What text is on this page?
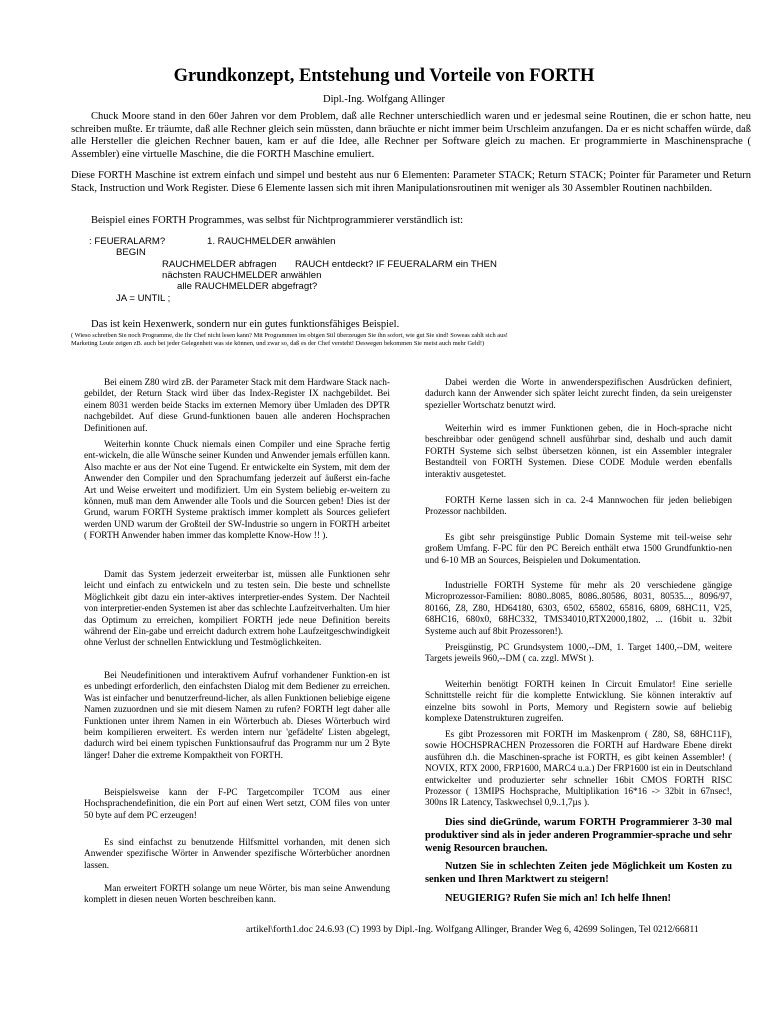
Grundkonzept, Entstehung und Vorteile von FORTH
Dipl.-Ing. Wolfgang Allinger

Chuck Moore stand in den 60er Jahren vor dem Problem, daß alle Rechner unterschiedlich waren und er jedesmal seine Routinen, die er schon hatte, neu schreiben mußte. Er träumte, daß alle Rechner gleich sein müssten, dann bräuchte er nicht immer beim Urschleim anzufangen. Da er es nicht schaffen würde, daß alle Hersteller die gleichen Rechner bauen, kam er auf die Idee, alle Rechner per Software gleich zu machen. Er programmierte in Maschinensprache ( Assembler) eine virtuelle Maschine, die die FORTH Maschine emuliert.

Diese FORTH Maschine ist extrem einfach und simpel und besteht aus nur 6 Elementen: Parameter STACK; Return STACK; Pointer für Parameter und Return Stack, Instruction und Work Register. Diese 6 Elemente lassen sich mit ihren Manipulationsroutinen mit weniger als 30 Assembler Routinen nachbilden.

Beispiel eines FORTH Programmes, was selbst für Nichtprogrammierer verständlich ist:

: FEUERALARM?	1. RAUCHMELDER anwählen
BEGIN
RAUCHMELDER abfragen RAUCH entdeckt? IF FEUERALARM ein THEN
nächsten RAUCHMELDER anwählen
alle RAUCHMELDER abgefragt?
JA = UNTIL ;

Das ist kein Hexenwerk, sondern nur ein gutes funktionsfähiges Beispiel.

( Wieso schreiben Sie noch Programme, die Ihr Chef nicht lesen kann? Mit Programmen im obigen Stil überzeugen Sie ihn sofort, wie gut Sie sind! Soweas zahlt sich aus!
Marketing Leute zeigen zB. auch bei jeder Gelegenheit was sie können, und zwar so, daß es der Chef versteht! Deswegen bekommen Sie meist auch mehr Geld!)

Bei einem Z80 wird zB. der Parameter Stack mit dem Hardware Stack nach-gebildet, der Return Stack wird über das Index-Register IX nachgebildet. Bei einem 8031 werden beide Stacks im externen Memory über Umladen des DPTR nachgebildet. Auf diese Grund-funktionen bauen alle anderen Hochsprachen Definitionen auf.

Weiterhin konnte Chuck niemals einen Compiler und eine Sprache fertig ent-wickeln, die alle Wünsche seiner Kunden und Anwender jemals erfüllen kann. Also machte er aus der Not eine Tugend. Er entwickelte ein System, mit dem der Anwender den Compiler und den Sprachumfang jederzeit auf äußerst ein-fache Art und Weise erweitert und modifiziert. Um ein System beliebig er-weitern zu können, muß man dem Anwender alle Tools und die Sourcen geben! Dies ist der Grund, warum FORTH Systeme praktisch immer komplett als Sources geliefert werden UND warum der Großteil der SW-Industrie so ungern in FORTH arbeitet ( FORTH Anwender haben immer das komplette Know-How !! ).

Damit das System jederzeit erweiterbar ist, müssen alle Funktionen sehr leicht und einfach zu entwickeln und zu testen sein. Die beste und schnellste Möglichkeit gibt dazu ein inter-aktives interpretier-endes System. Der Nachteil von interpretier-enden Systemen ist aber das schlechte Laufzeitverhalten. Um hier das Optimum zu erreichen, kompiliert FORTH jede neue Definition bereits während der Ein-gabe und erreicht dadurch extrem hohe Laufzeitgeschwindigkeit ohne Verlust der schnellen Entwicklung und Testmöglichkeiten.

Bei Neudefinitionen und interaktivem Aufruf vorhandener Funktion-en ist es unbedingt erforderlich, den einfachsten Dialog mit dem Bediener zu erreichen. Was ist einfacher und benutzerfreund-licher, als allen Funktionen beliebige eigene Namen zuzuordnen und sie mit diesem Namen zu rufen? FORTH legt daher alle Funktionen unter ihrem Namen in ein Wörterbuch ab. Dieses Wörterbuch wird beim kompilieren erweitert. Es werden intern nur 'gefädelte' Listen abgelegt, dadurch wird bei einem typischen Funktionsaufruf das Programm nur um 2 Byte länger! Daher die extreme Kompaktheit von FORTH.

Beispielsweise kann der F-PC Targetcompiler TCOM aus einer Hochsprachendefinition, die ein Port auf einen Wert setzt, COM files von unter 50 byte auf dem PC erzeugen!

Es sind einfachst zu benutzende Hilfsmittel vorhanden, mit denen sich Anwender spezifische Wörter in Anwender spezifische Wörterbücher anordnen lassen.

Man erweitert FORTH solange um neue Wörter, bis man seine Anwendung komplett in diesen neuen Worten beschreiben kann.

Dabei werden die Worte in anwenderspezifischen Ausdrücken definiert, dadurch kann der Anwender sich später leicht zurecht finden, da sein ureigenster spezieller Wortschatz benutzt wird.

Weiterhin wird es immer Funktionen geben, die in Hoch-sprache nicht beschreibbar oder genügend schnell ausführbar sind, deshalb und auch damit FORTH Systeme sich selbst übersetzen können, ist ein Assembler integraler Bestandteil von FORTH Systemen. Diese CODE Module werden ebenfalls interaktiv ausgetestet.

FORTH Kerne lassen sich in ca. 2-4 Mannwochen für jeden beliebigen Prozessor nachbilden.

Es gibt sehr preisgünstige Public Domain Systeme mit teil-weise sehr großem Umfang. F-PC für den PC Bereich enthält etwa 1500 Grundfunktio-nen und 6-10 MB an Sources, Beispielen und Dokumentation.

Industrielle FORTH Systeme für mehr als 20 verschiedene gängige Microprozessor-Familien: 8080..8085, 8086..80586, 8031, 80535..., 8096/97, 80166, Z8, Z80, HD64180, 6303, 6502, 65802, 65816, 6809, 68HC11, V25, 68HC16, 680x0, 68HC332, TMS34010,RTX2000,1802, ... (16bit u. 32bit Systeme auch auf 8bit Prozessoren!).

Preisgünstig, PC Grundsystem 1000,--DM, 1. Target 1400,--DM, weitere Targets jeweils 960,--DM ( ca. zzgl. MWSt ).

Weiterhin benötigt FORTH keinen In Circuit Emulator! Eine serielle Schnittstelle reicht für die komplette Entwicklung. Sie können interaktiv auf einzelne bits sowohl in Ports, Memory und Registern sowie auf beliebig komplexe Datenstrukturen zugreifen.

Es gibt Prozessoren mit FORTH im Maskenprom ( Z80, S8, 68HC11F), sowie HOCHSPRACHEN Prozessoren die FORTH auf Hardware Ebene direkt ausführen d.h. die Maschinen-sprache ist FORTH, es gibt keinen Assembler! ( NOVIX, RTX 2000, FRP1600, MARC4 u.a.) Der FRP1600 ist ein in Deutschland entwickelter und produzierter sehr schneller 16bit CMOS FORTH RISC Prozessor ( 13MIPS Hochsprache, Multiplikation 16*16 -> 32bit in 67nsec!, 300ns IR Latency, Taskwechsel 0,9..1,7µs ).

Dies sind dieGründe, warum FORTH Programmierer 3-30 mal produktiver sind als in jeder anderen Programmier-sprache und sehr wenig Resourcen brauchen.

Nutzen Sie in schlechten Zeiten jede Möglichkeit um Kosten zu senken und Ihren Marktwert zu steigern!

NEUGIERIG? Rufen Sie mich an! Ich helfe Ihnen!

artikel\forth1.doc 24.6.93 (C) 1993 by Dipl.-Ing. Wolfgang Allinger, Brander Weg 6, 42699 Solingen, Tel 0212/66811
